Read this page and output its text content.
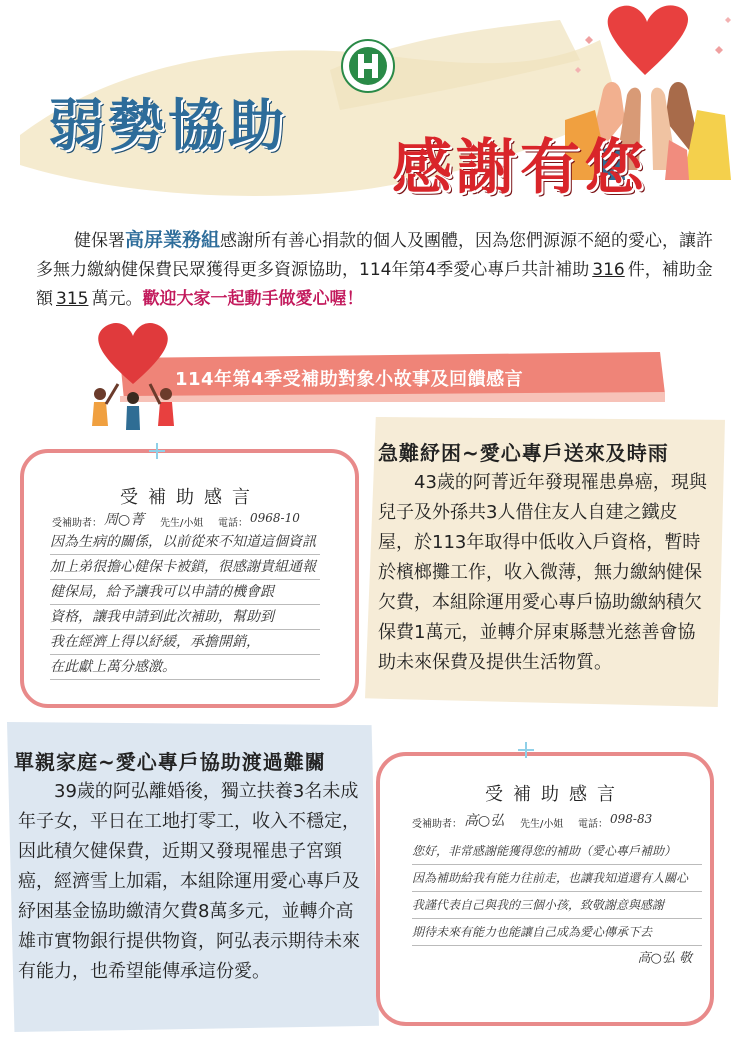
弱勢協助
感謝有您
健保署高屏業務組感謝所有善心捐款的個人及團體，因為您們源源不絕的愛心，讓許多無力繳納健保費民眾獲得更多資源協助，114年第4季愛心專戶共計補助 316 件，補助金額 315 萬元。歡迎大家一起動手做愛心喔！
114年第4季受補助對象小故事及回饋感言
受補助感言
受補助者： 周○菁 先生/小姐 電話： 0968-10
因為生病的關係，以前從來不知道這個資訊
加上弟很擔心健保卡被鎖，很感謝貴組通報
健保局，給予讓我可以申請的機會跟
資格，讓我申請到此次補助，幫助到
我在經濟上得以紓緩，承擔開銷，
在此獻上萬分感激。
急難紓困~愛心專戶送來及時雨
43歲的阿菁近年發現罹患鼻癌，現與兒子及外孫共3人借住友人自建之鐵皮屋，於113年取得中低收入戶資格，暫時於檳榔攤工作，收入微薄，無力繳納健保欠費，本組除運用愛心專戶協助繳納積欠保費1萬元，並轉介屏東縣慧光慈善會協助未來保費及提供生活物質。
單親家庭~愛心專戶協助渡過難關
39歲的阿弘離婚後，獨立扶養3名未成年子女，平日在工地打零工，收入不穩定，因此積欠健保費，近期又發現罹患子宮頸癌，經濟雪上加霜，本組除運用愛心專戶及紓困基金協助繳清欠費8萬多元，並轉介高雄市實物銀行提供物資，阿弘表示期待未來有能力，也希望能傳承這份愛。
受補助感言
受補助者： 高○弘 先生/小姐 電話： 098-83
您好，非常感謝能獲得您的補助（愛心專戶補助）
因為補助給我有能力往前走，也讓我知道還有人關心
我謹代表自己與我的三個小孩，致敬謝意與感謝
期待未來有能力也能讓自己成為愛心傳承下去
高○弘 敬
